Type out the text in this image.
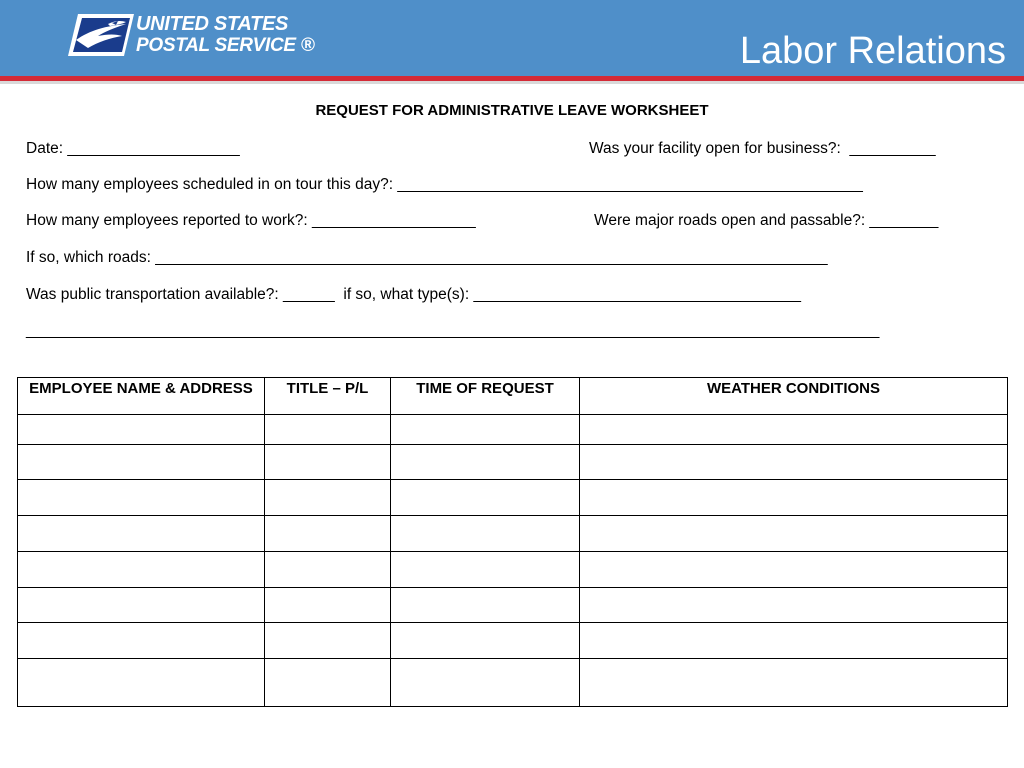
UNITED STATES
POSTAL SERVICE ®	Labor Relations
REQUEST FOR ADMINISTRATIVE LEAVE WORKSHEET
Date: ____________________	Was your facility open for business?:  __________
How many employees scheduled in on tour this day?: ______________________________________________________
How many employees reported to work?: ___________________	Were major roads open and passable?: ________
If so, which roads: ______________________________________________________________________________
Was public transportation available?: ______  if so, what type(s): ______________________________________
___________________________________________________________________________________________________
EMPLOYEE NAME & ADDRESS	TITLE – P/L	TIME OF REQUEST	WEATHER CONDITIONS
